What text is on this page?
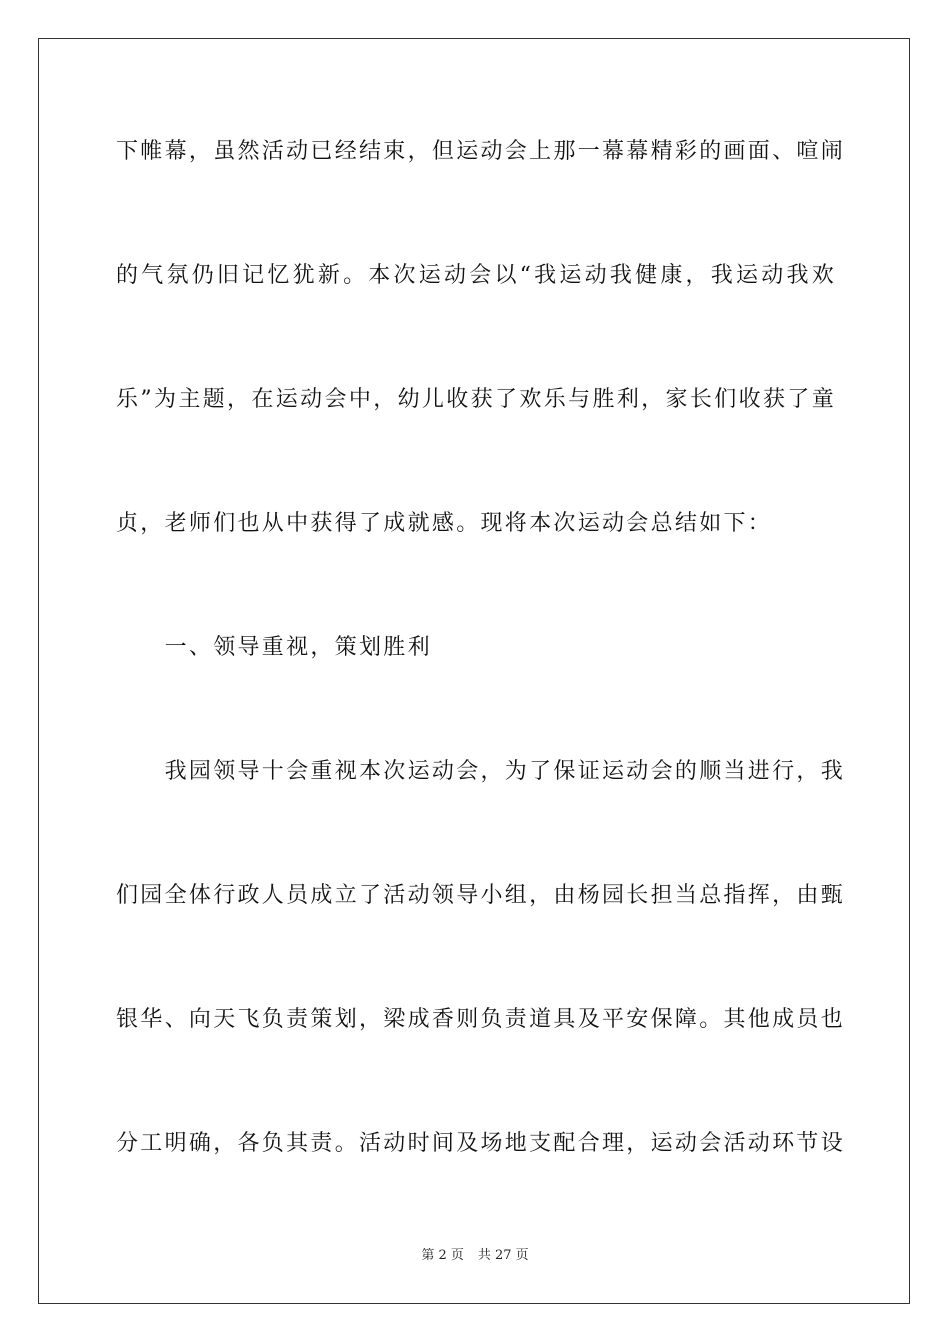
下帷幕，虽然活动已经结束，但运动会上那一幕幕精彩的画面、喧闹
的气氛仍旧记忆犹新。本次运动会以“我运动我健康，我运动我欢
乐”为主题，在运动会中，幼儿收获了欢乐与胜利，家长们收获了童
贞，老师们也从中获得了成就感。现将本次运动会总结如下：
　　一、领导重视，策划胜利
　　我园领导十会重视本次运动会，为了保证运动会的顺当进行，我
们园全体行政人员成立了活动领导小组，由杨园长担当总指挥，由甄
银华、向天飞负责策划，梁成香则负责道具及平安保障。其他成员也
分工明确，各负其责。活动时间及场地支配合理，运动会活动环节设
第 2 页 共 27 页
